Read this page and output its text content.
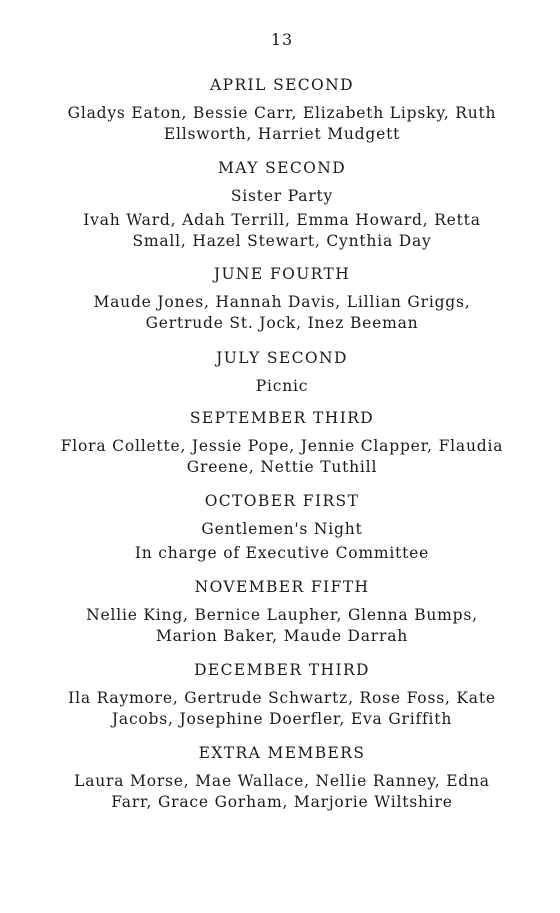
13
APRIL SECOND
Gladys Eaton, Bessie Carr, Elizabeth Lipsky, Ruth
Ellsworth, Harriet Mudgett
MAY SECOND
Sister Party
Ivah Ward, Adah Terrill, Emma Howard, Retta
Small, Hazel Stewart, Cynthia Day
JUNE FOURTH
Maude Jones, Hannah Davis, Lillian Griggs,
Gertrude St. Jock, Inez Beeman
JULY SECOND
Picnic
SEPTEMBER THIRD
Flora Collette, Jessie Pope, Jennie Clapper, Flaudia
Greene, Nettie Tuthill
OCTOBER FIRST
Gentlemen's Night
In charge of Executive Committee
NOVEMBER FIFTH
Nellie King, Bernice Laupher, Glenna Bumps,
Marion Baker, Maude Darrah
DECEMBER THIRD
Ila Raymore, Gertrude Schwartz, Rose Foss, Kate
Jacobs, Josephine Doerfler, Eva Griffith
EXTRA MEMBERS
Laura Morse, Mae Wallace, Nellie Ranney, Edna
Farr, Grace Gorham, Marjorie Wiltshire
